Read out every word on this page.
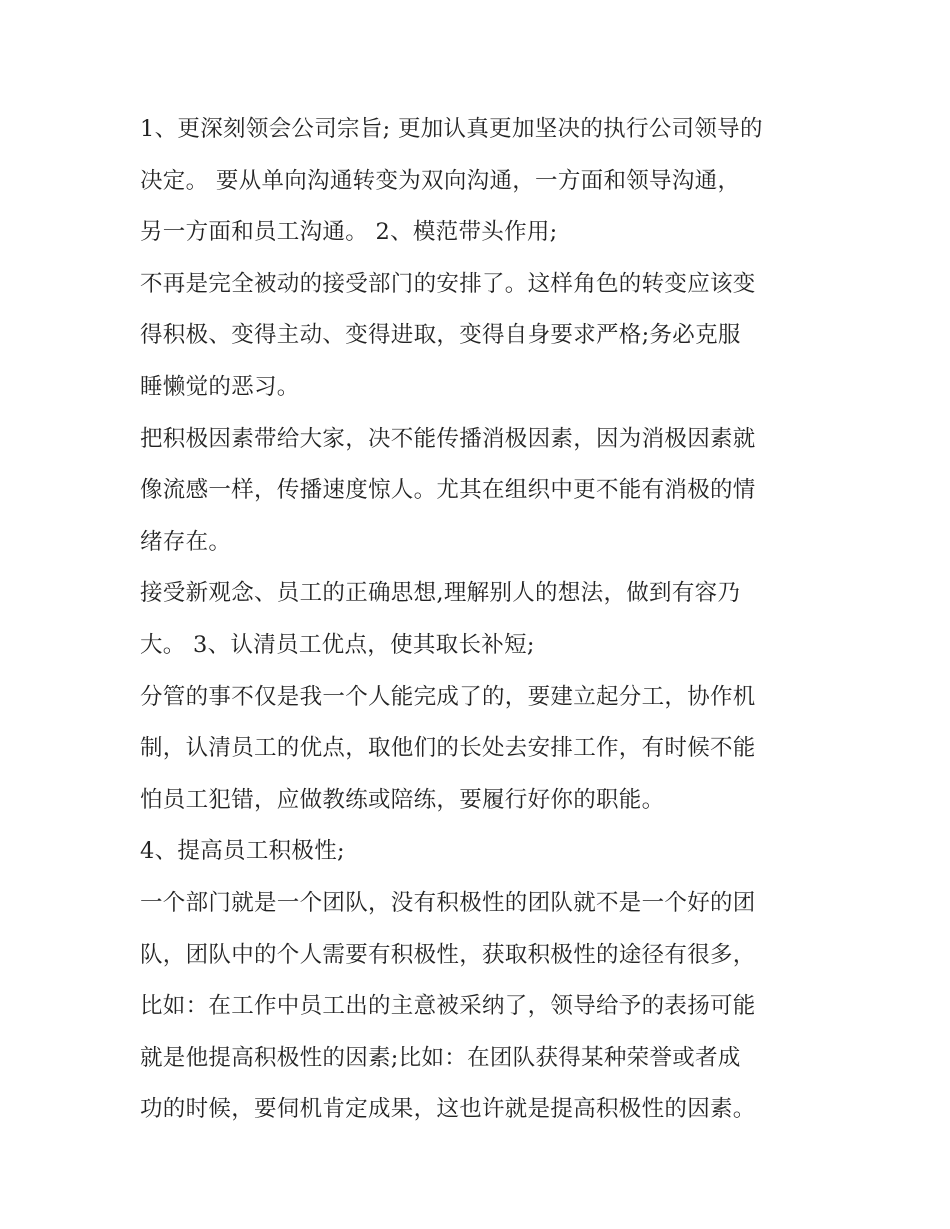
1、更深刻领会公司宗旨; 更加认真更加坚决的执行公司领导的
决定。 要从单向沟通转变为双向沟通，一方面和领导沟通，
另一方面和员工沟通。 2、模范带头作用;
不再是完全被动的接受部门的安排了。这样角色的转变应该变
得积极、变得主动、变得进取，变得自身要求严格;务必克服
睡懒觉的恶习。
把积极因素带给大家，决不能传播消极因素，因为消极因素就
像流感一样，传播速度惊人。尤其在组织中更不能有消极的情
绪存在。
接受新观念、员工的正确思想,理解别人的想法，做到有容乃
大。 3、认清员工优点，使其取长补短;
分管的事不仅是我一个人能完成了的，要建立起分工，协作机
制，认清员工的优点，取他们的长处去安排工作，有时候不能
怕员工犯错，应做教练或陪练，要履行好你的职能。
4、提高员工积极性;
一个部门就是一个团队，没有积极性的团队就不是一个好的团
队，团队中的个人需要有积极性，获取积极性的途径有很多，
比如：在工作中员工出的主意被采纳了，领导给予的表扬可能
就是他提高积极性的因素;比如：在团队获得某种荣誉或者成
功的时候，要伺机肯定成果，这也许就是提高积极性的因素。
